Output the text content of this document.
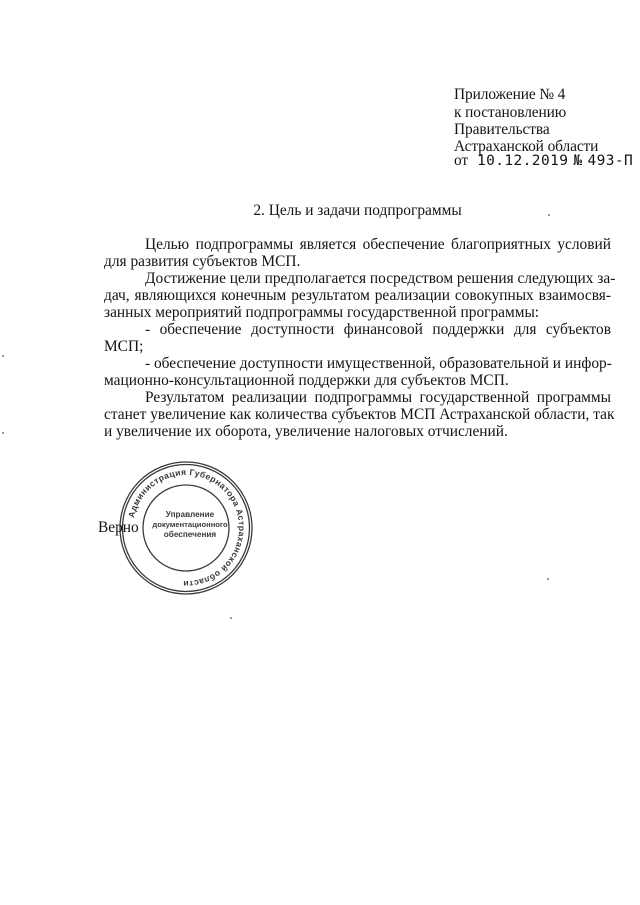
Приложение № 4
к постановлению
Правительства
Астраханской области
от 10.12.2019 № 493-П
2. Цель и задачи подпрограммы
Целью подпрограммы является обеспечение благоприятных условий
для развития субъектов МСП.
Достижение цели предполагается посредством решения следующих за-
дач, являющихся конечным результатом реализации совокупных взаимосвя-
занных мероприятий подпрограммы государственной программы:
- обеспечение доступности финансовой поддержки для субъектов
МСП;
- обеспечение доступности имущественной, образовательной и инфор-
мационно-консультационной поддержки для субъектов МСП.
Результатом реализации подпрограммы государственной программы
станет увеличение как количества субъектов МСП Астраханской области, так
и увеличение их оборота, увеличение налоговых отчислений.
Администрация Губернатора Астраханской области
Управление
документационного
обеспечения
Верно
